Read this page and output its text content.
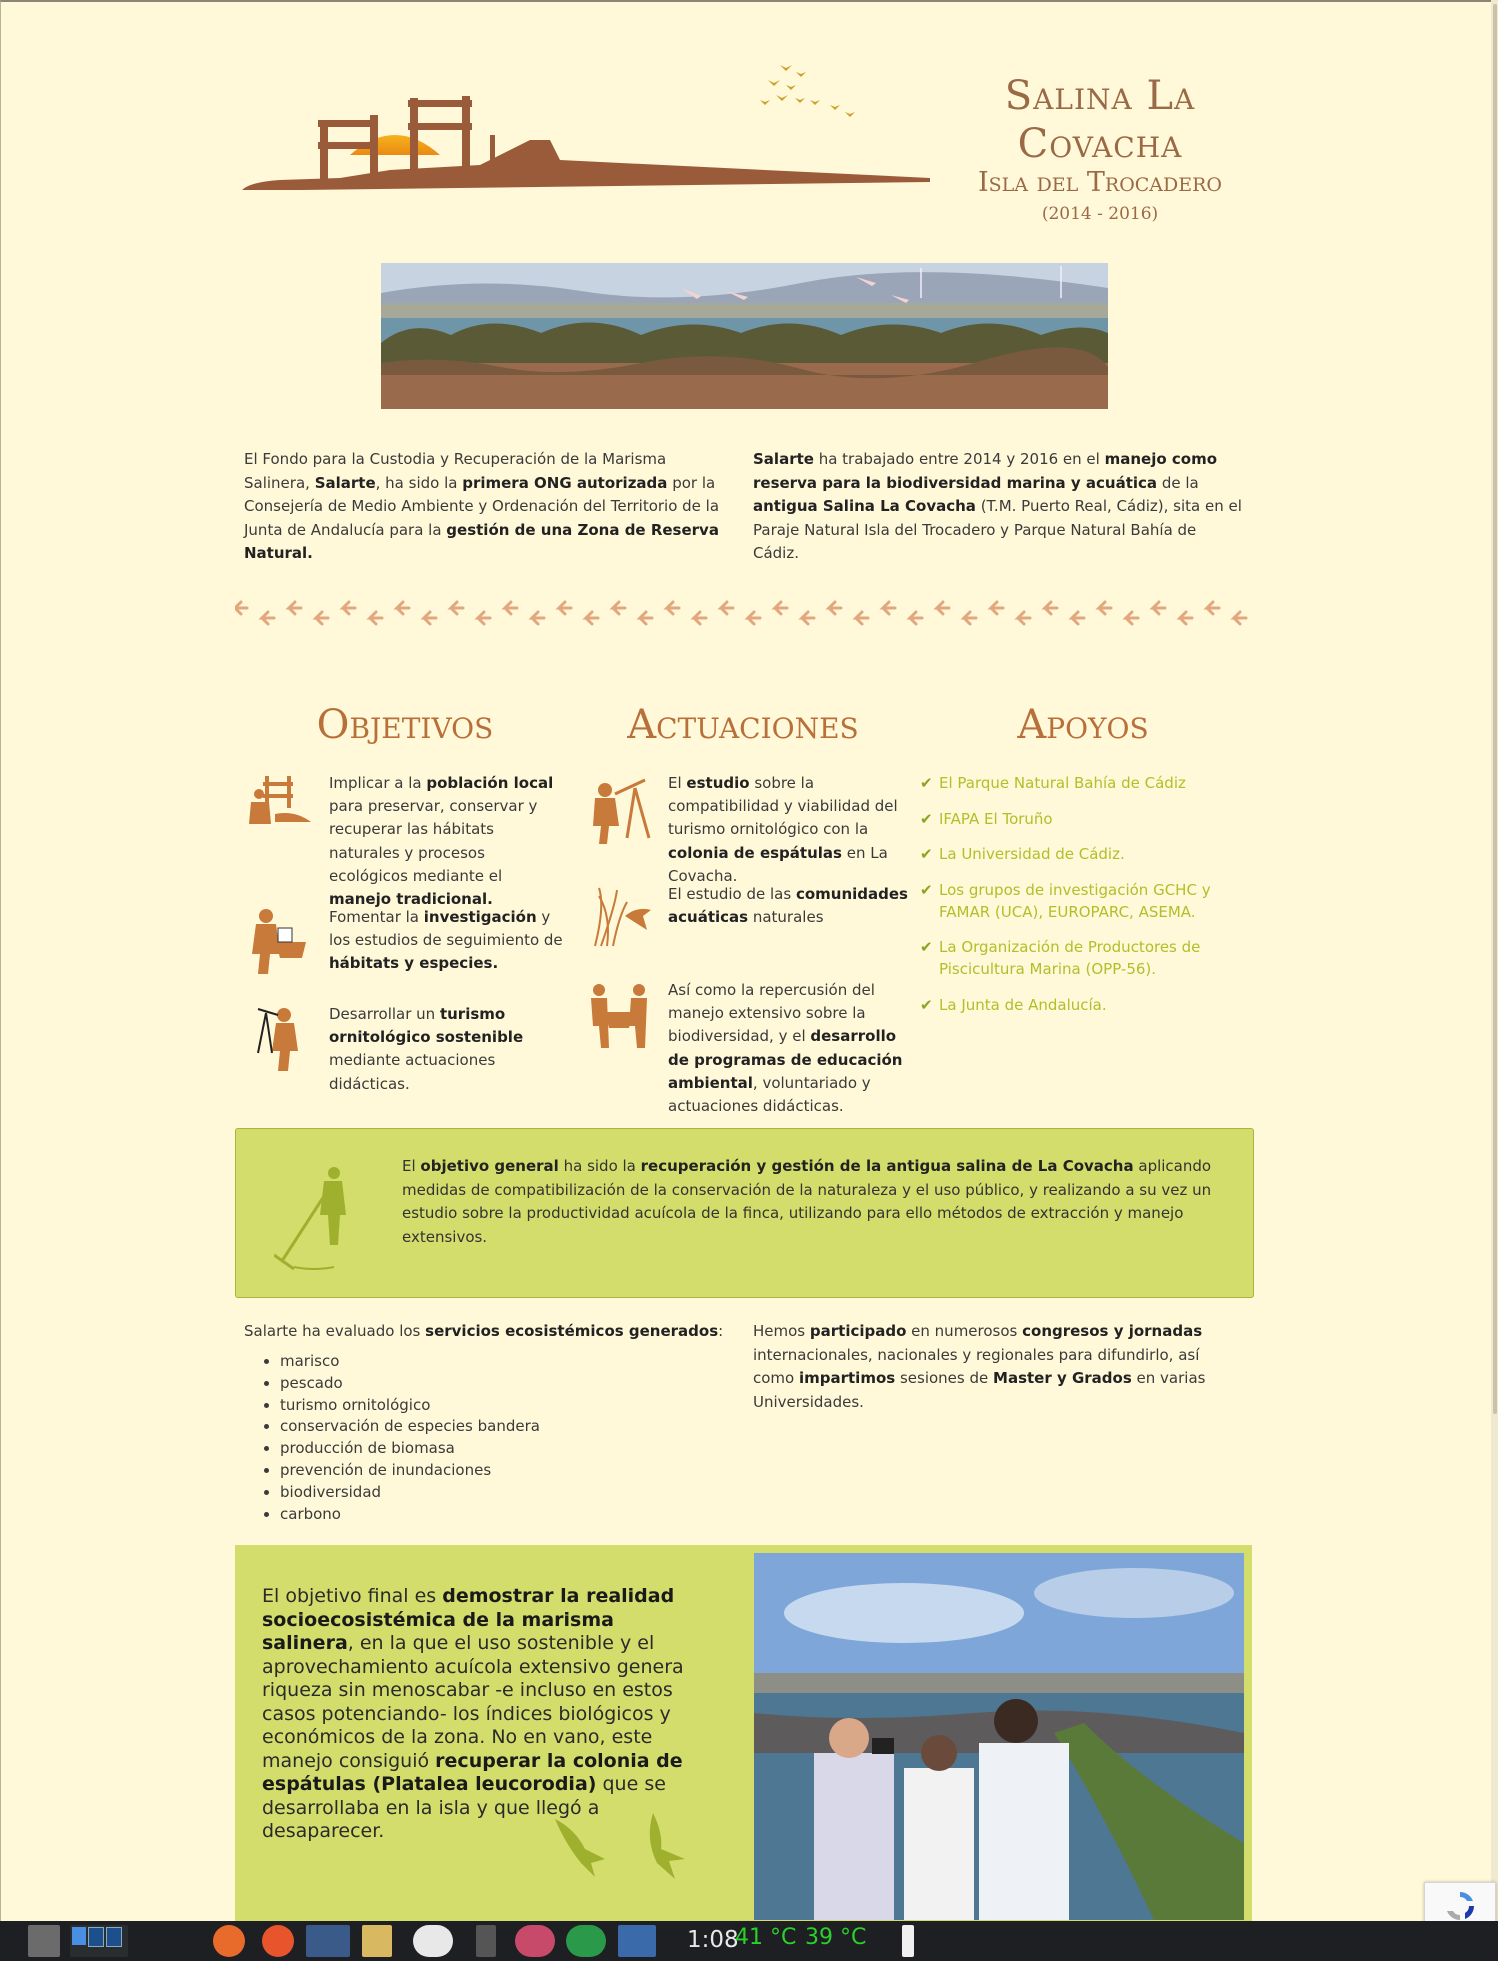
Salina La Covacha
Isla del Trocadero
(2014 - 2016)
El Fondo para la Custodia y Recuperación de la Marisma Salinera, Salarte, ha sido la primera ONG autorizada por la Consejería de Medio Ambiente y Ordenación del Territorio de la Junta de Andalucía para la gestión de una Zona de Reserva Natural.
Salarte ha trabajado entre 2014 y 2016 en el manejo como reserva para la biodiversidad marina y acuática de la antigua Salina La Covacha (T.M. Puerto Real, Cádiz), sita en el Paraje Natural Isla del Trocadero y Parque Natural Bahía de Cádiz.
Objetivos	Actuaciones	Apoyos
Implicar a la población local para preservar, conservar y recuperar las hábitats naturales y procesos ecológicos mediante el manejo tradicional.
Fomentar la investigación y los estudios de seguimiento de hábitats y especies.
Desarrollar un turismo ornitológico sostenible mediante actuaciones didácticas.
El estudio sobre la compatibilidad y viabilidad del turismo ornitológico con la colonia de espátulas en La Covacha.
El estudio de las comunidades acuáticas naturales
Así como la repercusión del manejo extensivo sobre la biodiversidad, y el desarrollo de programas de educación ambiental, voluntariado y actuaciones didácticas.
✔ El Parque Natural Bahía de Cádiz
✔ IFAPA El Toruño
✔ La Universidad de Cádiz.
✔ Los grupos de investigación GCHC y FAMAR (UCA), EUROPARC, ASEMA.
✔ La Organización de Productores de Piscicultura Marina (OPP-56).
✔ La Junta de Andalucía.
El objetivo general ha sido la recuperación y gestión de la antigua salina de La Covacha aplicando medidas de compatibilización de la conservación de la naturaleza y el uso público, y realizando a su vez un estudio sobre la productividad acuícola de la finca, utilizando para ello métodos de extracción y manejo extensivos.
Salarte ha evaluado los servicios ecosistémicos generados:
• marisco
• pescado
• turismo ornitológico
• conservación de especies bandera
• producción de biomasa
• prevención de inundaciones
• biodiversidad
• carbono
Hemos participado en numerosos congresos y jornadas internacionales, nacionales y regionales para difundirlo, así como impartimos sesiones de Master y Grados en varias Universidades.
El objetivo final es demostrar la realidad socioecosistémica de la marisma salinera, en la que el uso sostenible y el aprovechamiento acuícola extensivo genera riqueza sin menoscabar -e incluso en estos casos potenciando- los índices biológicos y económicos de la zona. No en vano, este manejo consiguió recuperar la colonia de espátulas (Platalea leucorodia) que se desarrollaba en la isla y que llegó a desaparecer.
1:08
41 °C 39 °C
